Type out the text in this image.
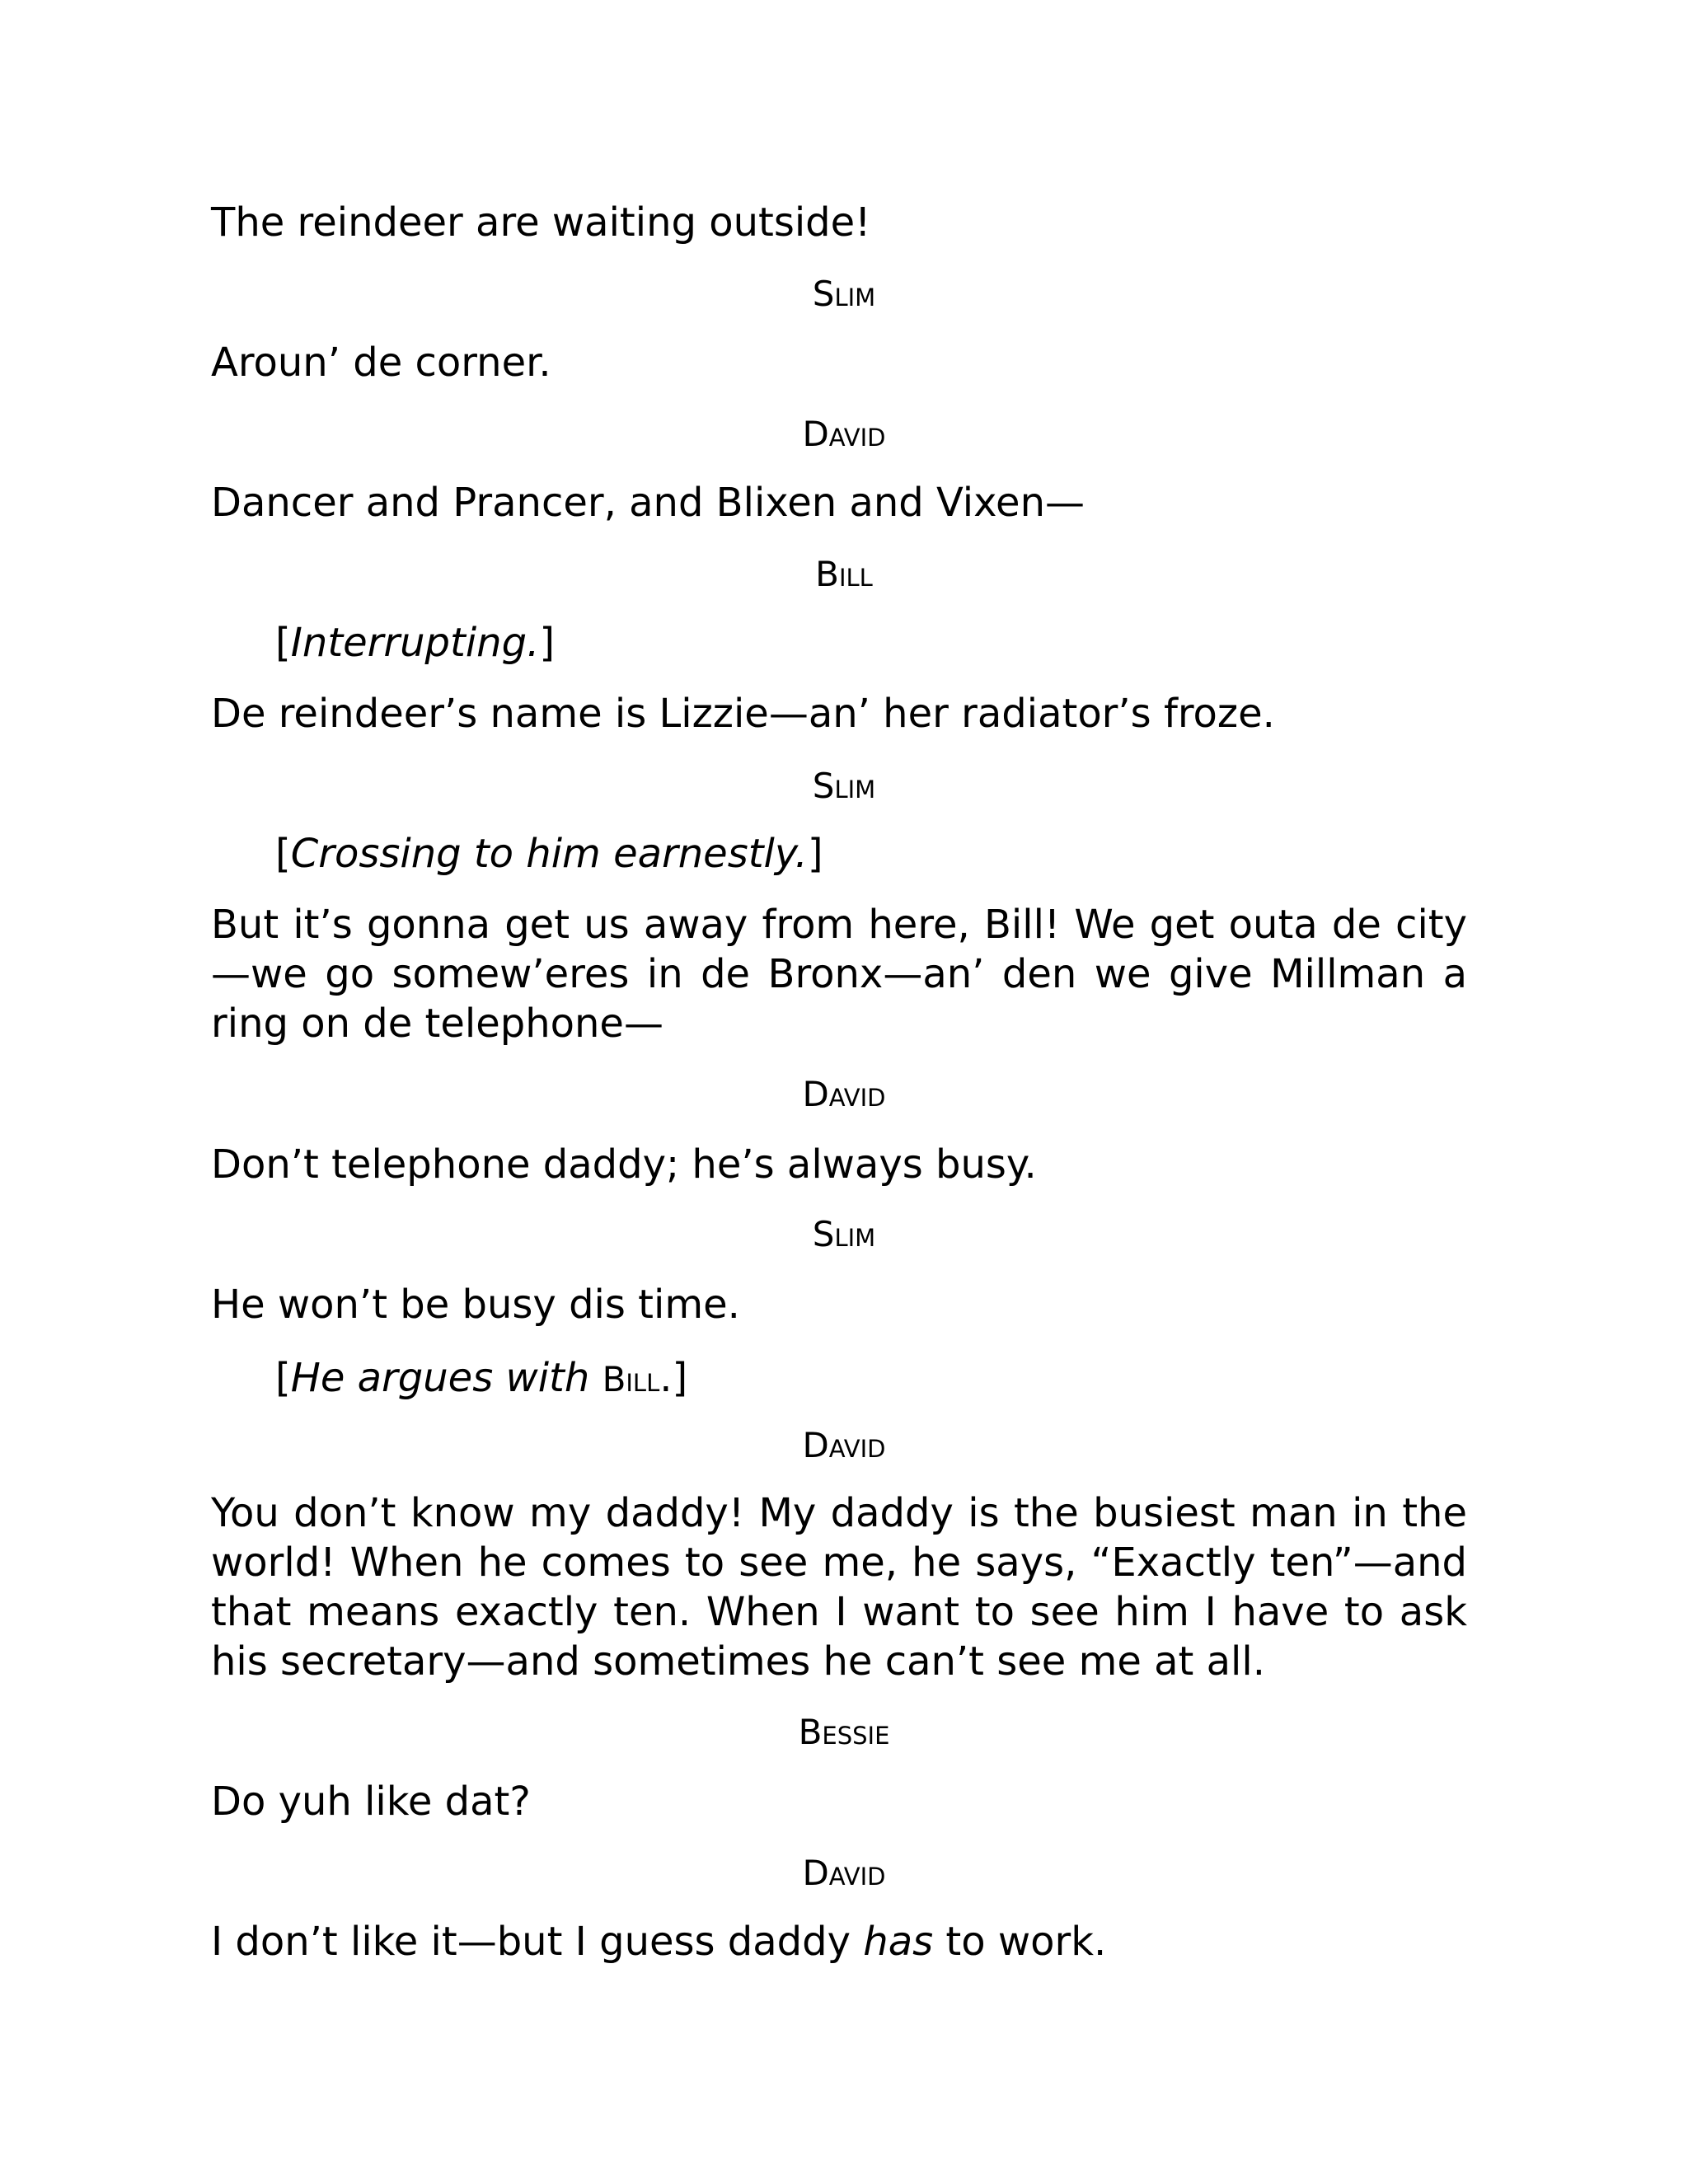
The reindeer are waiting outside!

Slim

Aroun’ de corner.

David

Dancer and Prancer, and Blixen and Vixen—

Bill

[Interrupting.]

De reindeer’s name is Lizzie—an’ her radiator’s froze.

Slim

[Crossing to him earnestly.]

But it’s gonna get us away from here, Bill! We get outa de city—we go somew’eres in de Bronx—an’ den we give Millman a ring on de telephone—

David

Don’t telephone daddy; he’s always busy.

Slim

He won’t be busy dis time.

[He argues with Bill.]

David

You don’t know my daddy! My daddy is the busiest man in the world! When he comes to see me, he says, “Exactly ten”—and that means exactly ten. When I want to see him I have to ask his secretary—and sometimes he can’t see me at all.

Bessie

Do yuh like dat?

David

I don’t like it—but I guess daddy has to work.
